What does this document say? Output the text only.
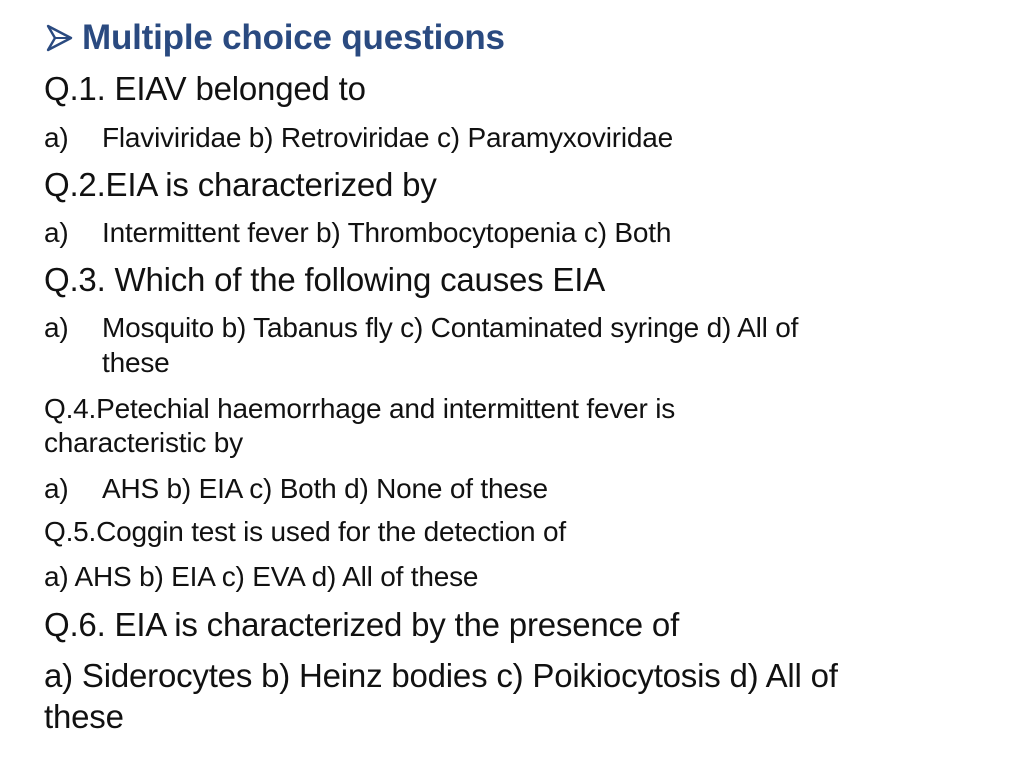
Multiple choice questions
Q.1. EIAV belonged to
a) Flaviviridae b) Retroviridae c) Paramyxoviridae
Q.2.EIA is characterized by
a) Intermittent fever b) Thrombocytopenia c) Both
Q.3. Which of the following causes EIA
a) Mosquito b) Tabanus fly c) Contaminated syringe d) All of
these
Q.4.Petechial haemorrhage and intermittent fever is
characteristic by
a) AHS b) EIA c) Both d) None of these
Q.5.Coggin test is used for the detection of
a) AHS b) EIA c) EVA d) All of these
Q.6. EIA is characterized by the presence of
a) Siderocytes b) Heinz bodies c) Poikiocytosis d) All of
these
